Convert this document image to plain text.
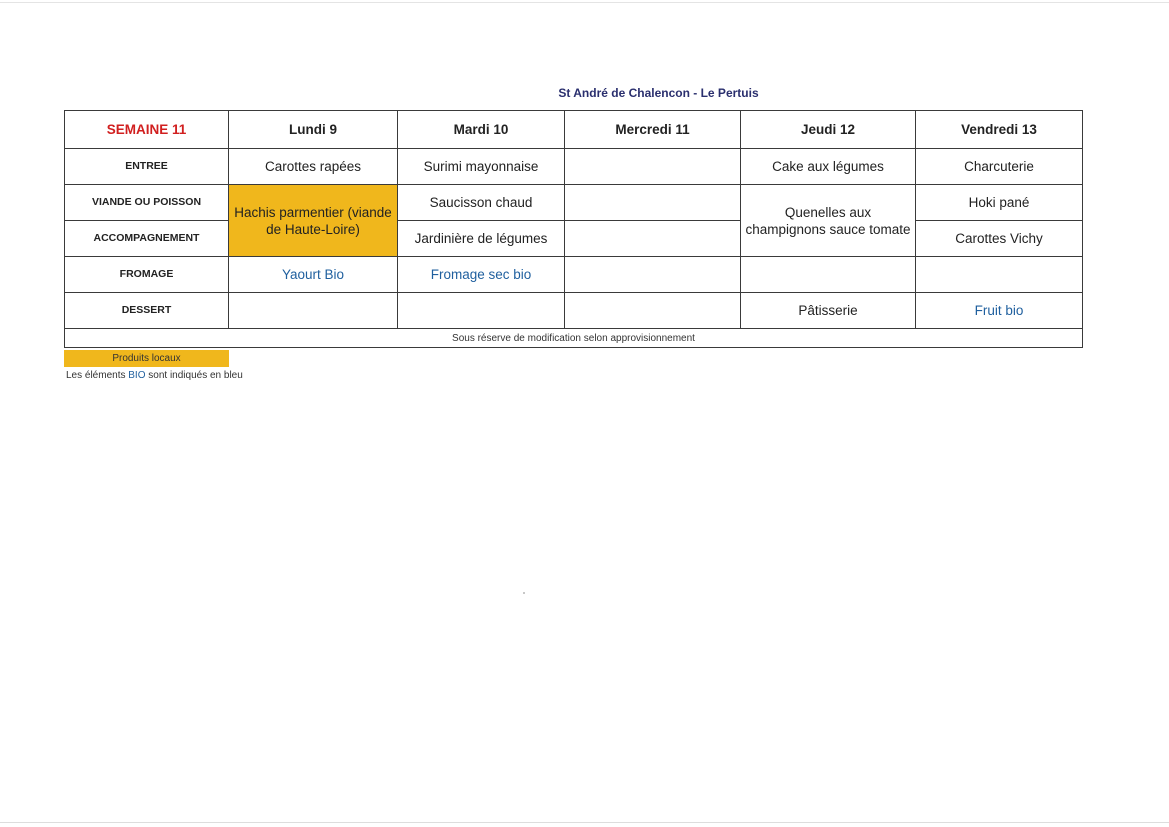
St André de Chalencon - Le Pertuis
SEMAINE 11	Lundi 9	Mardi 10	Mercredi 11	Jeudi 12	Vendredi 13
ENTREE	Carottes rapées	Surimi mayonnaise		Cake aux légumes	Charcuterie
VIANDE OU POISSON	Hachis parmentier (viande de Haute-Loire)	Saucisson chaud		Quenelles aux champignons sauce tomate	Hoki pané
ACCOMPAGNEMENT		Jardinière de légumes			Carottes Vichy
FROMAGE	Yaourt Bio	Fromage sec bio			
DESSERT				Pâtisserie	Fruit bio
Sous réserve de modification selon approvisionnement					
Produits locaux
Les éléments BIO sont indiqués en bleu
